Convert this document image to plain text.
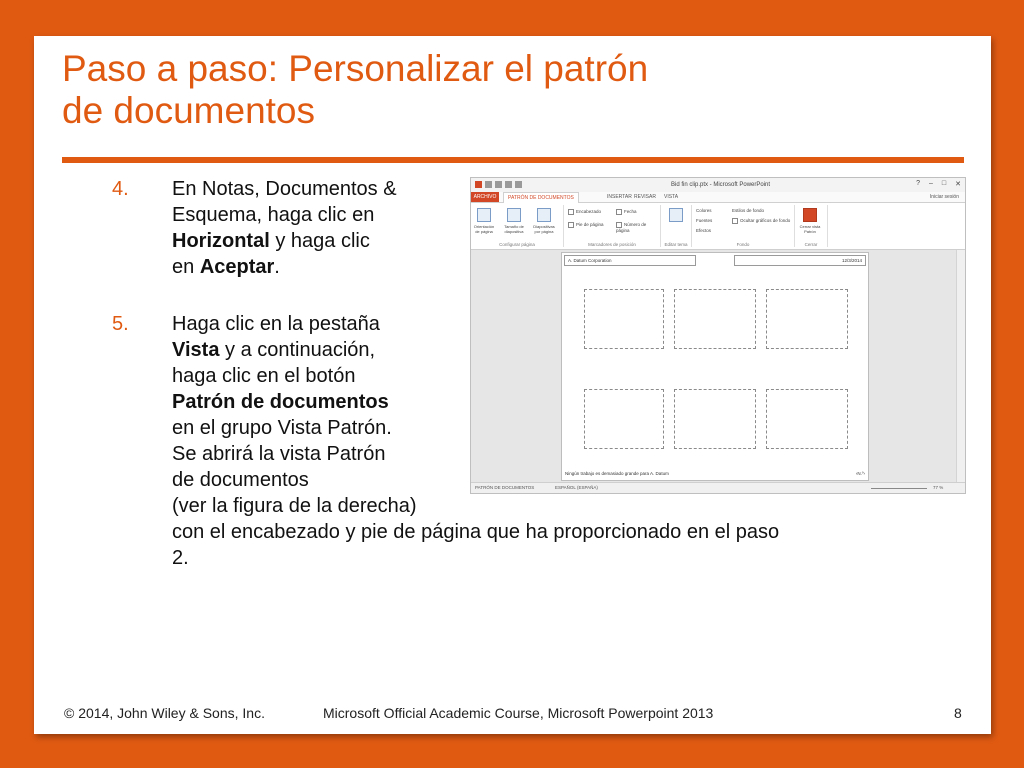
Paso a paso: Personalizar el patrón
de documentos
4. En Notas, Documentos &
Esquema, haga clic en
Horizontal y haga clic
en Aceptar.
5. Haga clic en la pestaña
Vista y a continuación,
haga clic en el botón
Patrón de documentos
en el grupo Vista Patrón.
Se abrirá la vista Patrón
de documentos
(ver la figura de la derecha)
con el encabezado y pie de página que ha proporcionado en el paso
2.
Bid fin clip.ptx - Microsoft PowerPoint	? – □ ✕
ARCHIVO	PATRÓN DE DOCUMENTOS	INSERTAR REVISAR VISTA	Iniciar sesión
Orientación de página
Tamaño de diapositiva
Diapositivas por página
Configurar página
Encabezado	Fecha
Pie de página	Número de página
Marcadores de posición	Editar tema
Colores
Fuentes
Efectos
Estilos de fondo
Ocultar gráficos de fondo
Fondo
Cerrar vista Patrón
Cerrar
A. Datum Corporation	12/3/2014
Ningún trabajo es demasiado grande para A. Datum	‹N.º›
PATRÓN DE DOCUMENTOS	ESPAÑOL (ESPAÑA)	77 %
© 2014, John Wiley & Sons, Inc.	Microsoft Official Academic Course, Microsoft Powerpoint 2013	8
